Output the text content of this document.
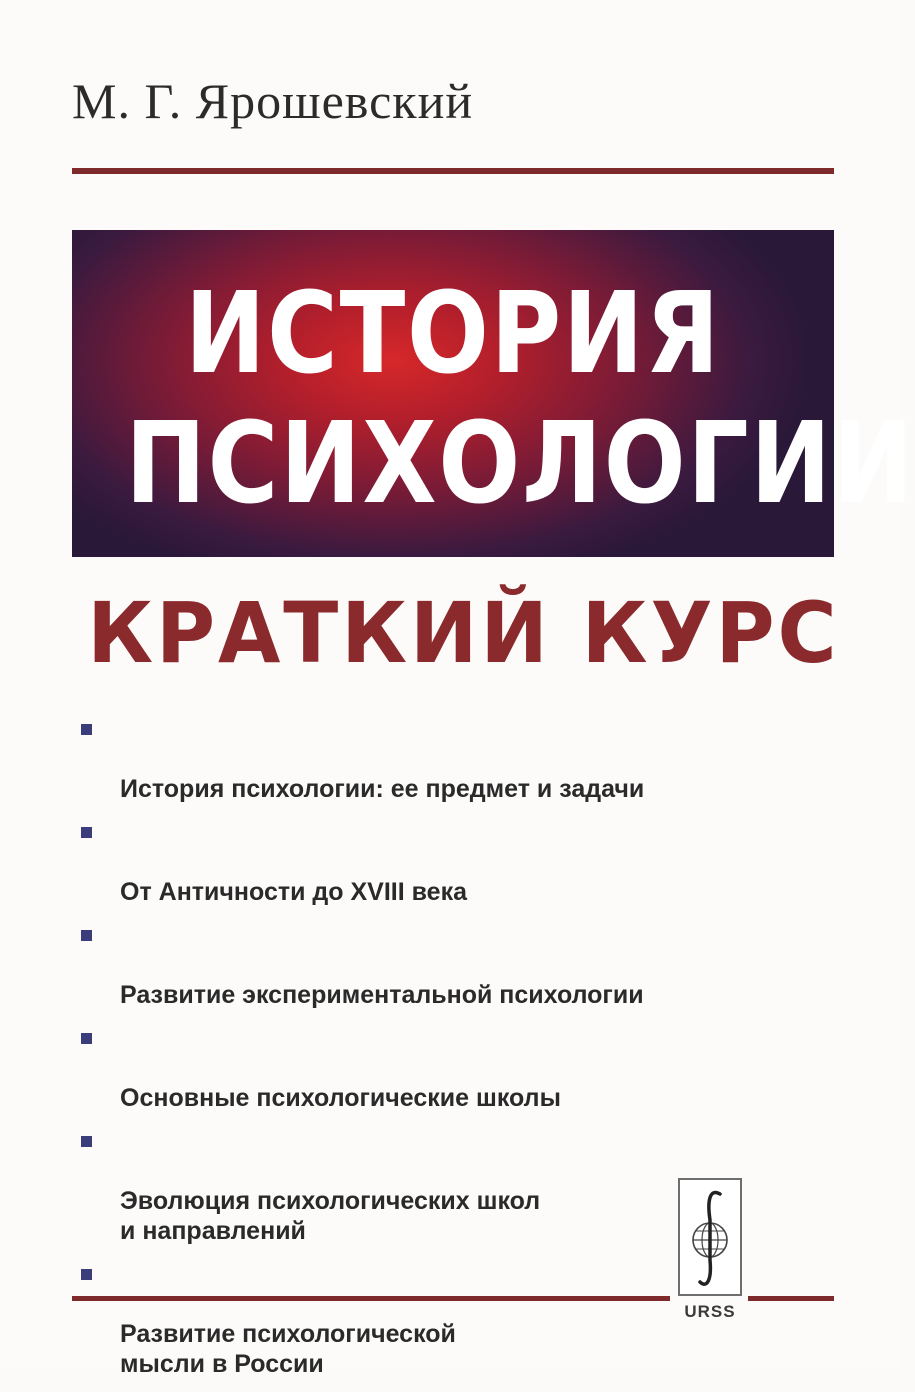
М. Г. Ярошевский
ИСТОРИЯ
ПСИХОЛОГИИ
КРАТКИЙ КУРС

История психологии: ее предмет и задачи

От Античности до XVIII века

Развитие экспериментальной психологии

Основные психологические школы

Эволюция психологических школ
и направлений

Развитие психологической
мысли в России

URSS
